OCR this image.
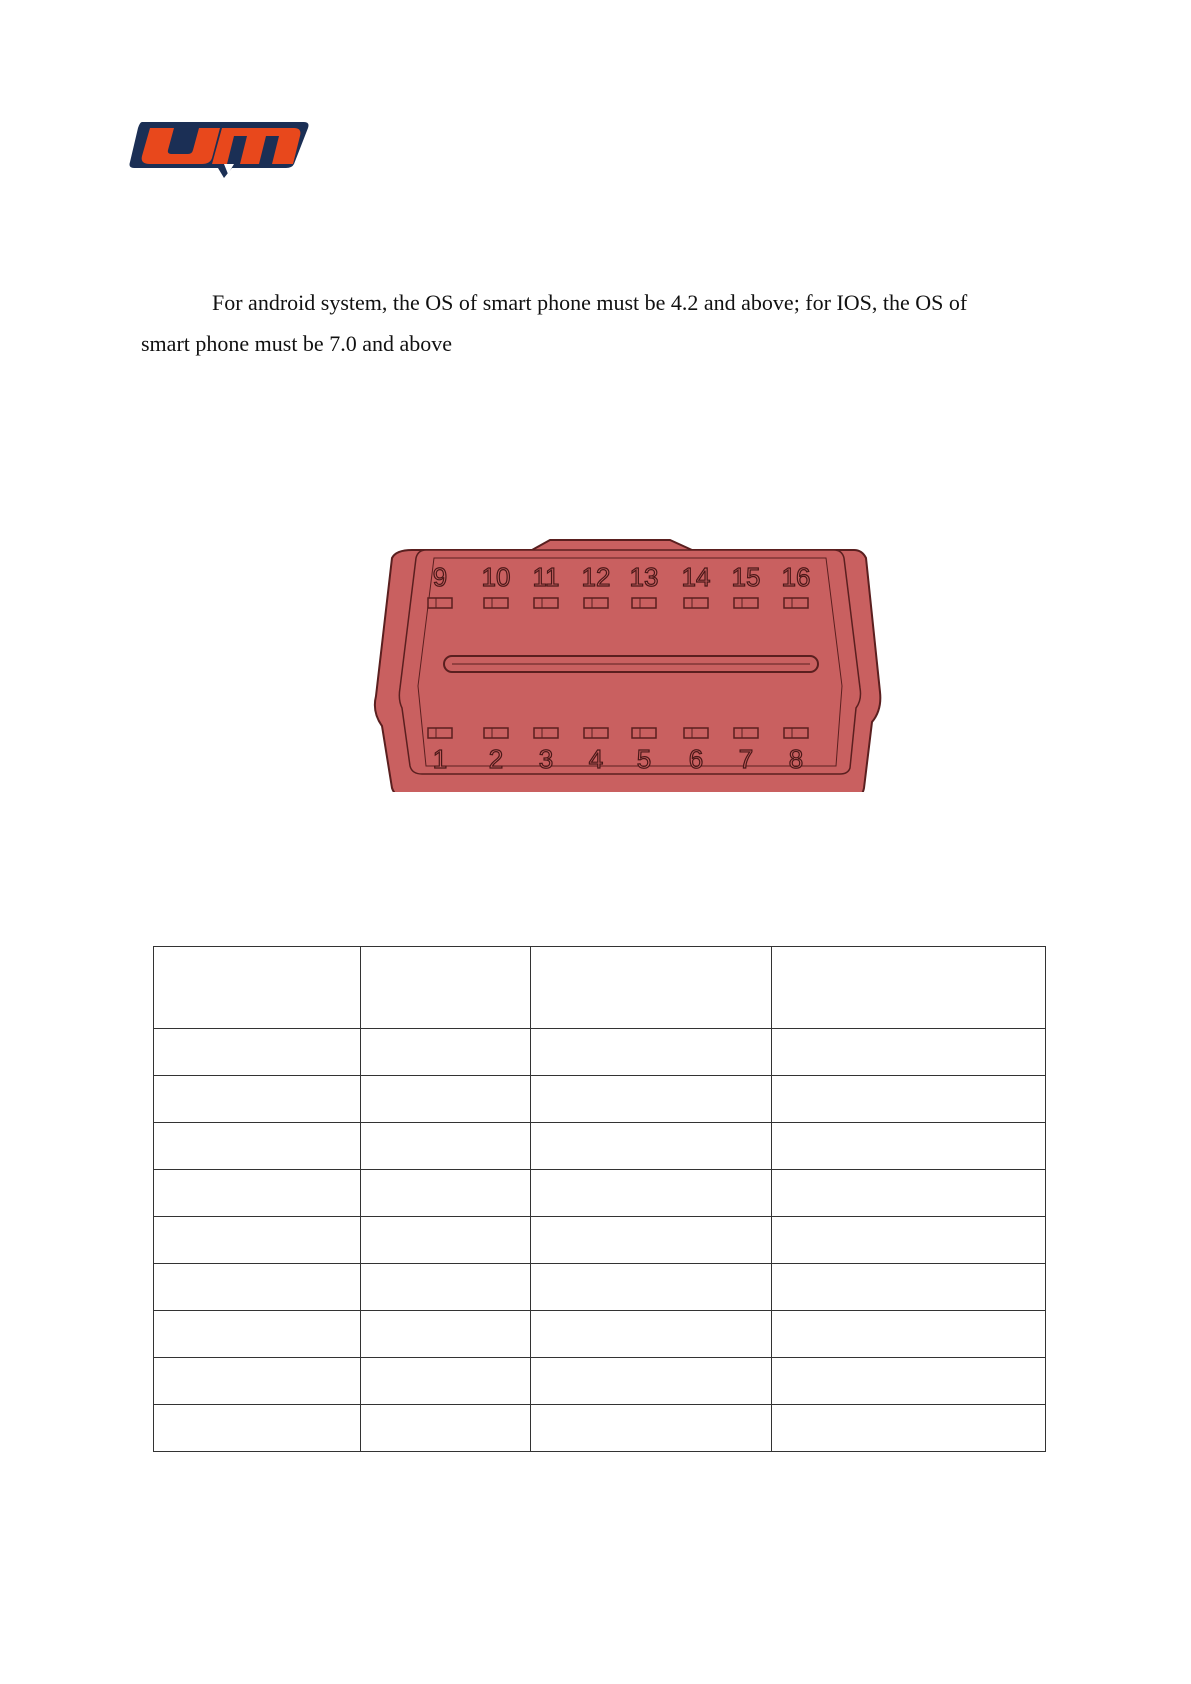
For android system, the OS of smart phone must be 4.2 and above; for IOS, the OS of
smart phone must be 7.0 and above
9 10 11 12 13 14 15 16
1 2 3 4 5 6 7 8
